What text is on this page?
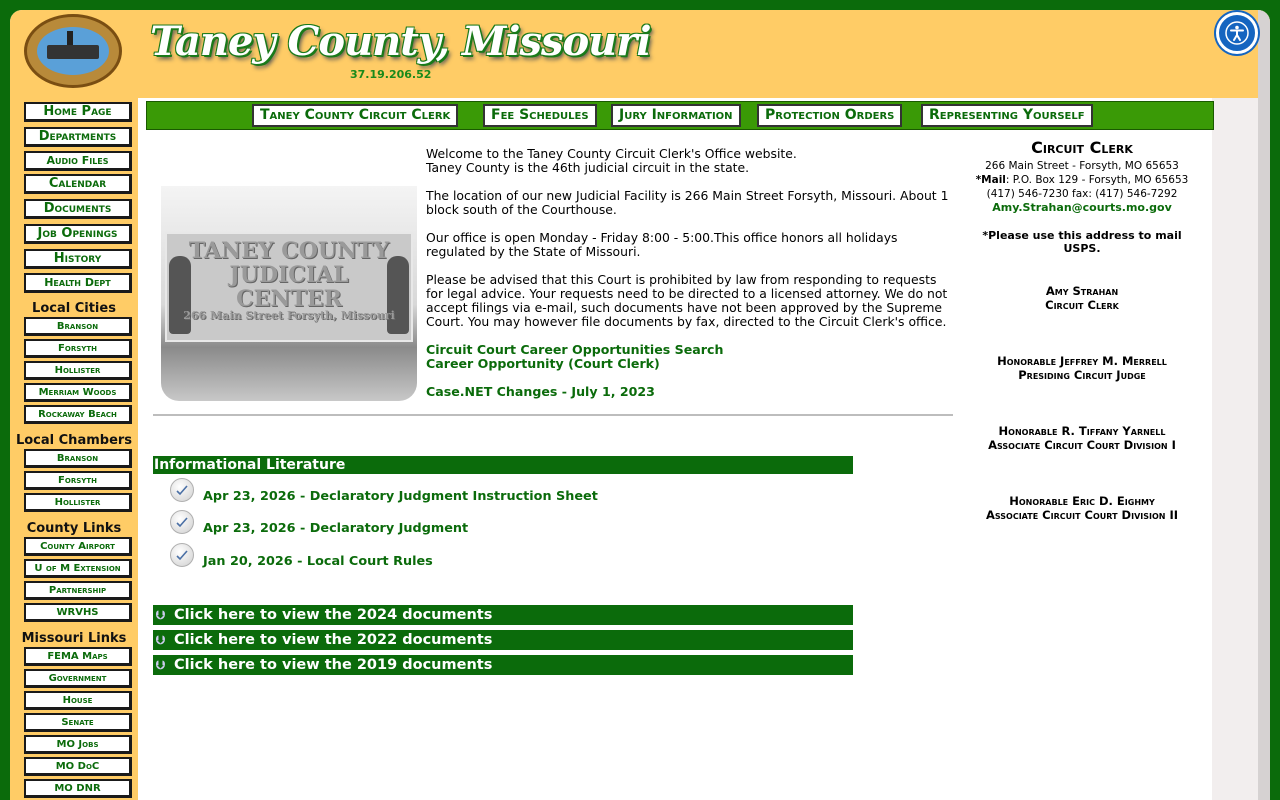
Taney County, Missouri
37.19.206.52
Home Page
Departments
Audio Files
Calendar
Documents
Job Openings
History
Health Dept
Local Cities
Branson
Forsyth
Hollister
Merriam Woods
Rockaway Beach
Local Chambers
Branson
Forsyth
Hollister
County Links
County Airport
U of M Extension
Partnership
WRVHS
Missouri Links
FEMA Maps
Government
House
Senate
MO Jobs
MO DoC
MO DNR
Taney County Circuit Clerk	Fee Schedules	Jury Information	Protection Orders	Representing Yourself
TANEY COUNTY
JUDICIAL
CENTER
266 Main Street Forsyth, Missouri

Welcome to the Taney County Circuit Clerk's Office website.
Taney County is the 46th judicial circuit in the state.

The location of our new Judicial Facility is 266 Main Street Forsyth, Missouri. About 1 block south of the Courthouse.

Our office is open Monday - Friday 8:00 - 5:00.This office honors all holidays regulated by the State of Missouri.

Please be advised that this Court is prohibited by law from responding to requests for legal advice. Your requests need to be directed to a licensed attorney. We do not accept filings via e-mail, such documents have not been approved by the Supreme Court. You may however file documents by fax, directed to the Circuit Clerk's office.

Circuit Court Career Opportunities Search
Career Opportunity (Court Clerk)
Case.NET Changes - July 1, 2023
Informational Literature
Apr 23, 2026 - Declaratory Judgment Instruction Sheet
Apr 23, 2026 - Declaratory Judgment
Jan 20, 2026 - Local Court Rules
⮋ Click here to view the 2024 documents
⮋ Click here to view the 2022 documents
⮋ Click here to view the 2019 documents
Circuit Clerk
266 Main Street - Forsyth, MO 65653
*Mail: P.O. Box 129 - Forsyth, MO 65653
(417) 546-7230 fax: (417) 546-7292
Amy.Strahan@courts.mo.gov
*Please use this address to mail USPS.
Amy Strahan
Circuit Clerk
Honorable Jeffrey M. Merrell
Presiding Circuit Judge
Honorable R. Tiffany Yarnell
Associate Circuit Court Division I
Honorable Eric D. Eighmy
Associate Circuit Court Division II
